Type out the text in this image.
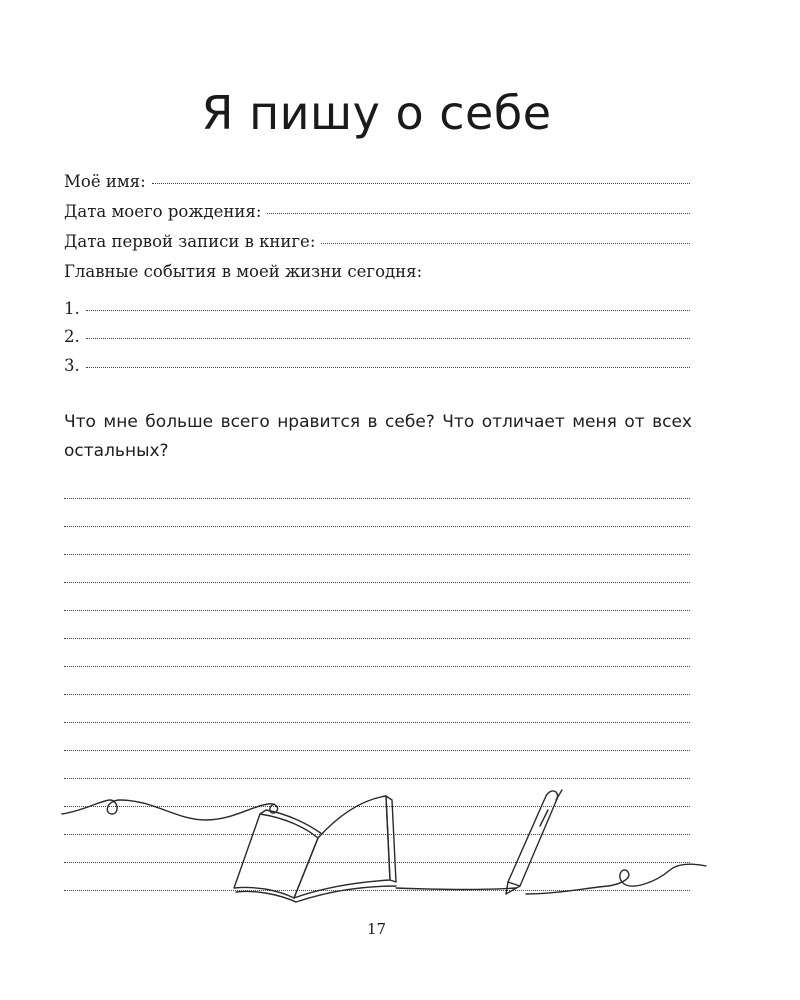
Я пишу о себе
Моё имя:
Дата моего рождения:
Дата первой записи в книге:
Главные события в моей жизни сегодня:
1.
2.
3.
Что мне больше всего нравится в себе? Что отличает меня от всех остальных?
17
